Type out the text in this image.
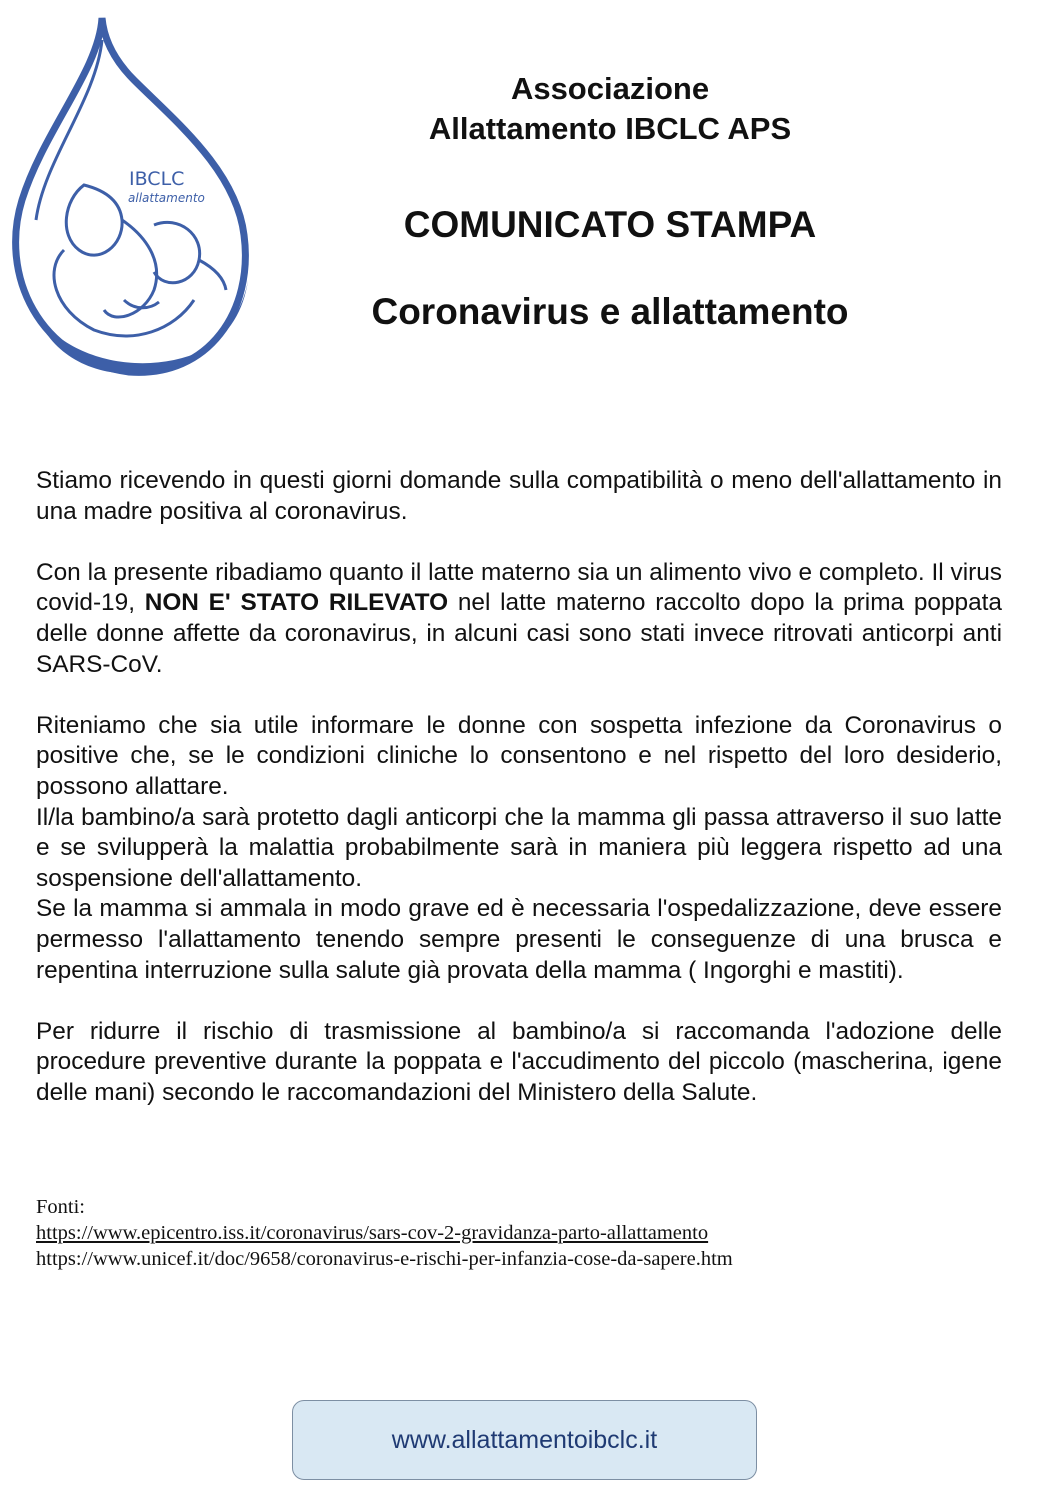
IBCLC
allattamento
Associazione
Allattamento IBCLC APS
COMUNICATO STAMPA
Coronavirus e allattamento

Stiamo ricevendo in questi giorni domande sulla compatibilità o meno dell'allattamento in una madre positiva al coronavirus.

Con la presente ribadiamo quanto il latte materno sia un alimento vivo e completo. Il virus covid-19, NON E' STATO RILEVATO nel latte materno raccolto dopo la prima poppata delle donne affette da coronavirus, in alcuni casi sono stati invece ritrovati anticorpi anti SARS-CoV.

Riteniamo che sia utile informare le donne con sospetta infezione da Coronavirus o positive che, se le condizioni cliniche lo consentono e nel rispetto del loro desiderio, possono allattare.

Il/la bambino/a sarà protetto dagli anticorpi che la mamma gli passa attraverso il suo latte e se svilupperà la malattia probabilmente sarà in maniera più leggera rispetto ad una sospensione dell'allattamento.

Se la mamma si ammala in modo grave ed è necessaria l'ospedalizzazione, deve essere permesso l'allattamento tenendo sempre presenti le conseguenze di una brusca e repentina interruzione sulla salute già provata della mamma ( Ingorghi e mastiti).

Per ridurre il rischio di trasmissione al bambino/a si raccomanda l'adozione delle procedure preventive durante la poppata e l'accudimento del piccolo (mascherina, igene delle mani) secondo le raccomandazioni del Ministero della Salute.

Fonti:
https://www.epicentro.iss.it/coronavirus/sars-cov-2-gravidanza-parto-allattamento
https://www.unicef.it/doc/9658/coronavirus-e-rischi-per-infanzia-cose-da-sapere.htm
www.allattamentoibclc.it
